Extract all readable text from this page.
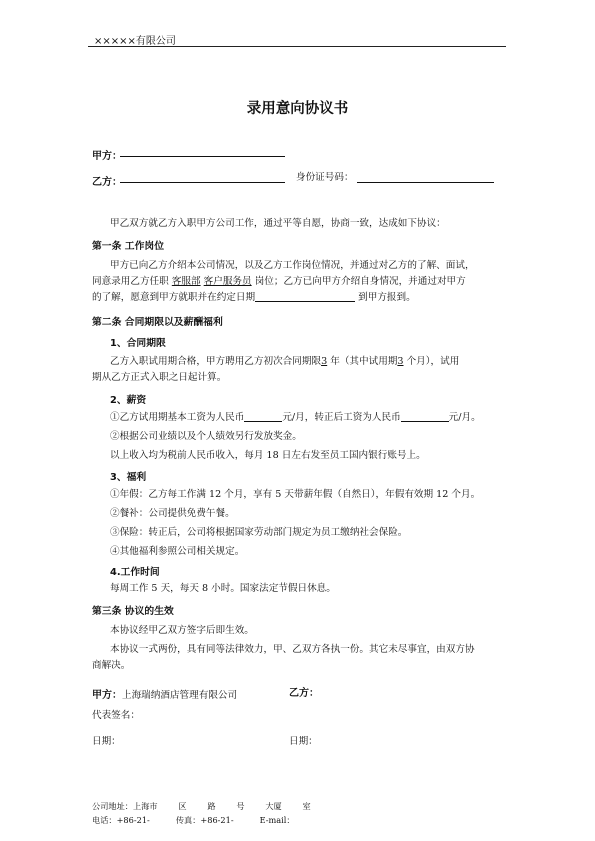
×××××有限公司
录用意向协议书
甲方：
乙方：	身份证号码：
甲乙双方就乙方入职甲方公司工作，通过平等自愿，协商一致，达成如下协议：
第一条 工作岗位
甲方已向乙方介绍本公司情况，以及乙方工作岗位情况，并通过对乙方的了解、面试，
同意录用乙方任职 客服部 客户服务员 岗位；乙方已向甲方介绍自身情况，并通过对甲方
的了解，愿意到甲方就职并在约定日期	到甲方报到。
第二条 合同期限以及薪酬福利
1、合同期限
乙方入职试用期合格，甲方聘用乙方初次合同期限3 年（其中试用期3 个月），试用
期从乙方正式入职之日起计算。
2、薪资
①乙方试用期基本工资为人民币	元/月，转正后工资为人民币	元/月。
②根据公司业绩以及个人绩效另行发放奖金。
以上收入均为税前人民币收入，每月 18 日左右发至员工国内银行账号上。
3、福利
①年假：乙方每工作满 12 个月，享有 5 天带薪年假（自然日），年假有效期 12 个月。
②餐补：公司提供免费午餐。
③保险：转正后，公司将根据国家劳动部门规定为员工缴纳社会保险。
④其他福利参照公司相关规定。
4.工作时间
每周工作 5 天，每天 8 小时。国家法定节假日休息。
第三条 协议的生效
本协议经甲乙双方签字后即生效。
本协议一式两份，具有同等法律效力，甲、乙双方各执一份。其它未尽事宜，由双方协
商解决。
甲方：上海瑞纳酒店管理有限公司	乙方：
代表签名：
日期：	日期：
公司地址：上海市        区        路        号        大厦        室
电话：+86-21-          传真：+86-21-          E-mail：
